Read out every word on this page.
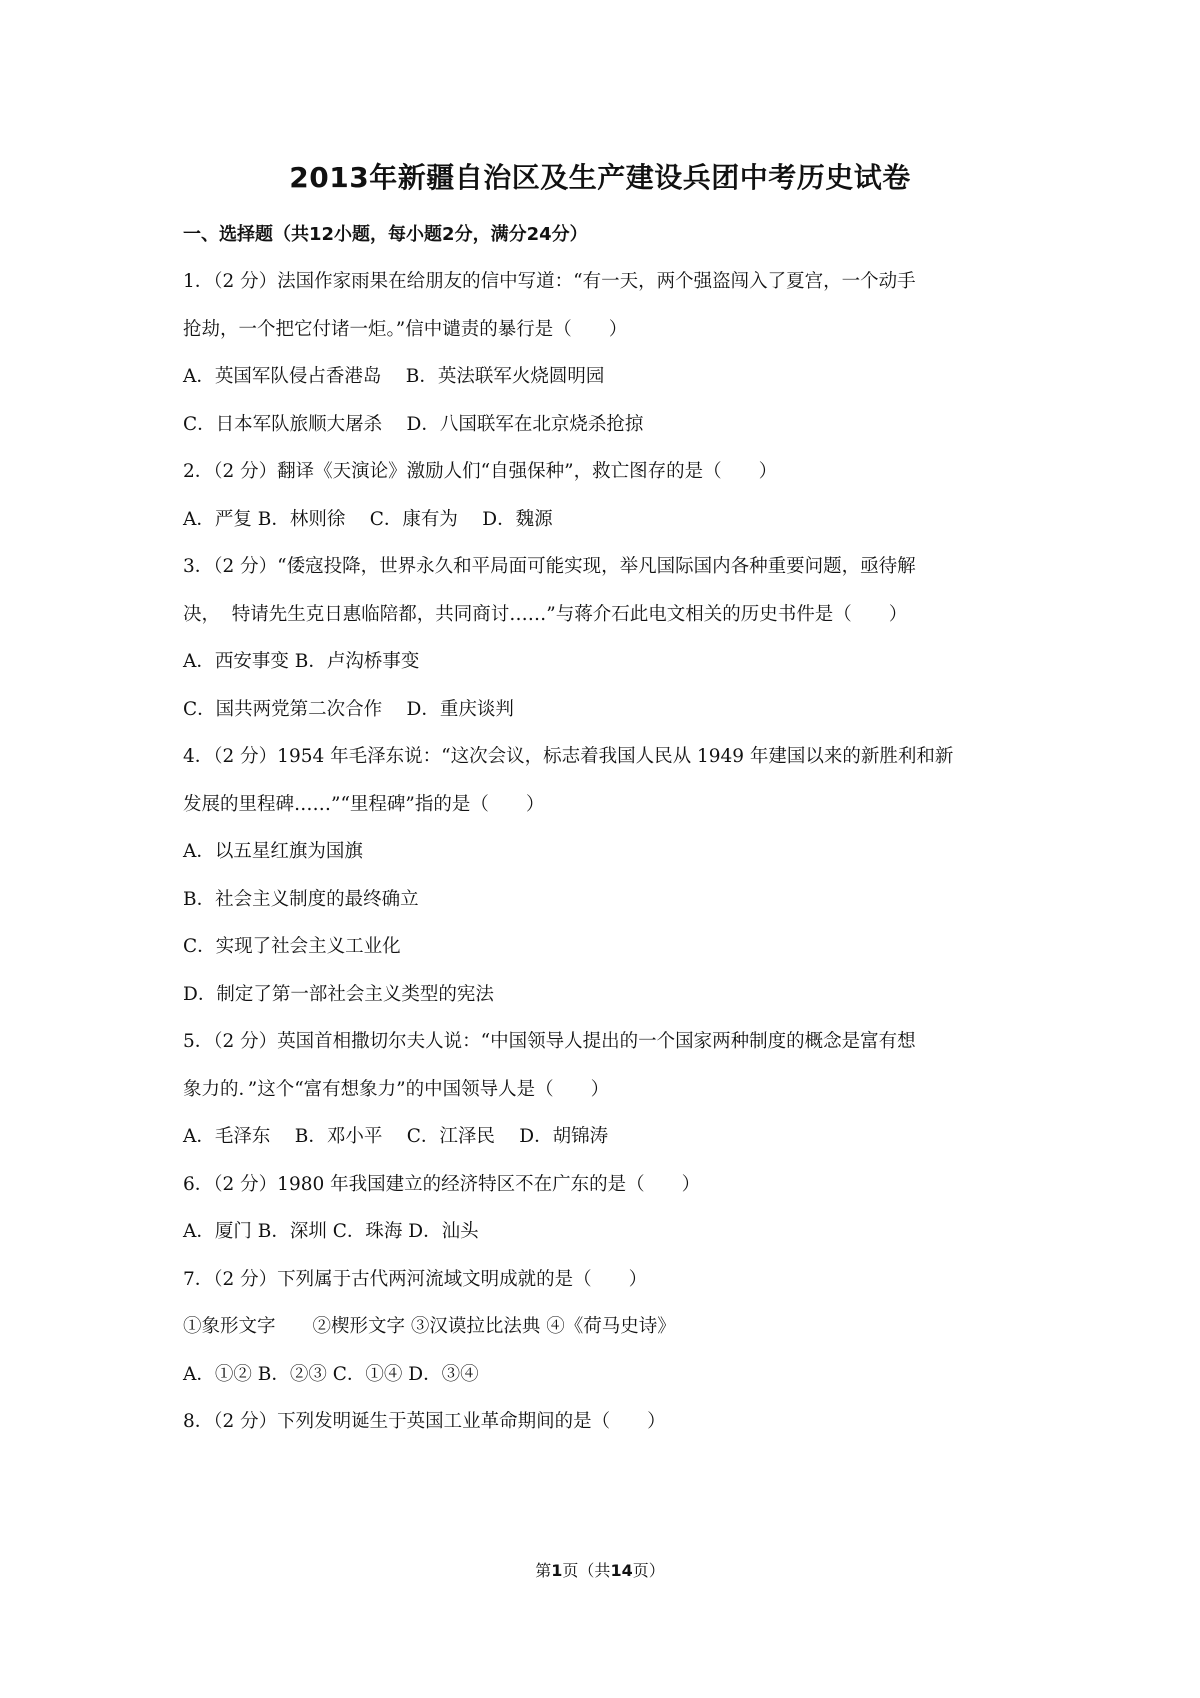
2013年新疆自治区及生产建设兵团中考历史试卷
一、选择题（共12小题，每小题2分，满分24分）
1．（2 分）法国作家雨果在给朋友的信中写道：“有一天，两个强盗闯入了夏宫，一个动手
抢劫，一个把它付诸一炬。”信中谴责的暴行是（　　）
A．英国军队侵占香港岛　 B．英法联军火烧圆明园
C．日本军队旅顺大屠杀　 D．八国联军在北京烧杀抢掠
2．（2 分）翻译《天演论》激励人们“自强保种”，救亡图存的是（　　）
A．严复 B．林则徐　 C．康有为　 D．魏源
3．（2 分）“倭寇投降，世界永久和平局面可能实现，举凡国际国内各种重要问题，亟待解
决，  特请先生克日惠临陪都，共同商讨……”与蒋介石此电文相关的历史书件是（　　）
A．西安事变 B．卢沟桥事变
C．国共两党第二次合作　 D．重庆谈判
4．（2 分）1954 年毛泽东说：“这次会议，标志着我国人民从 1949 年建国以来的新胜利和新
发展的里程碑……”“里程碑”指的是（　　）
A．以五星红旗为国旗
B．社会主义制度的最终确立
C．实现了社会主义工业化
D．制定了第一部社会主义类型的宪法
5．（2 分）英国首相撒切尔夫人说：“中国领导人提出的一个国家两种制度的概念是富有想
象力的．”这个“富有想象力”的中国领导人是（　　）
A．毛泽东　 B．邓小平　 C．江泽民　 D．胡锦涛
6．（2 分）1980 年我国建立的经济特区不在广东的是（　　）
A．厦门 B．深圳 C．珠海 D．汕头
7．（2 分）下列属于古代两河流域文明成就的是（　　）
①象形文字　　②楔形文字 ③汉谟拉比法典 ④《荷马史诗》
A．①② B．②③ C．①④ D．③④
8．（2 分）下列发明诞生于英国工业革命期间的是（　　）
第1页（共14页）
